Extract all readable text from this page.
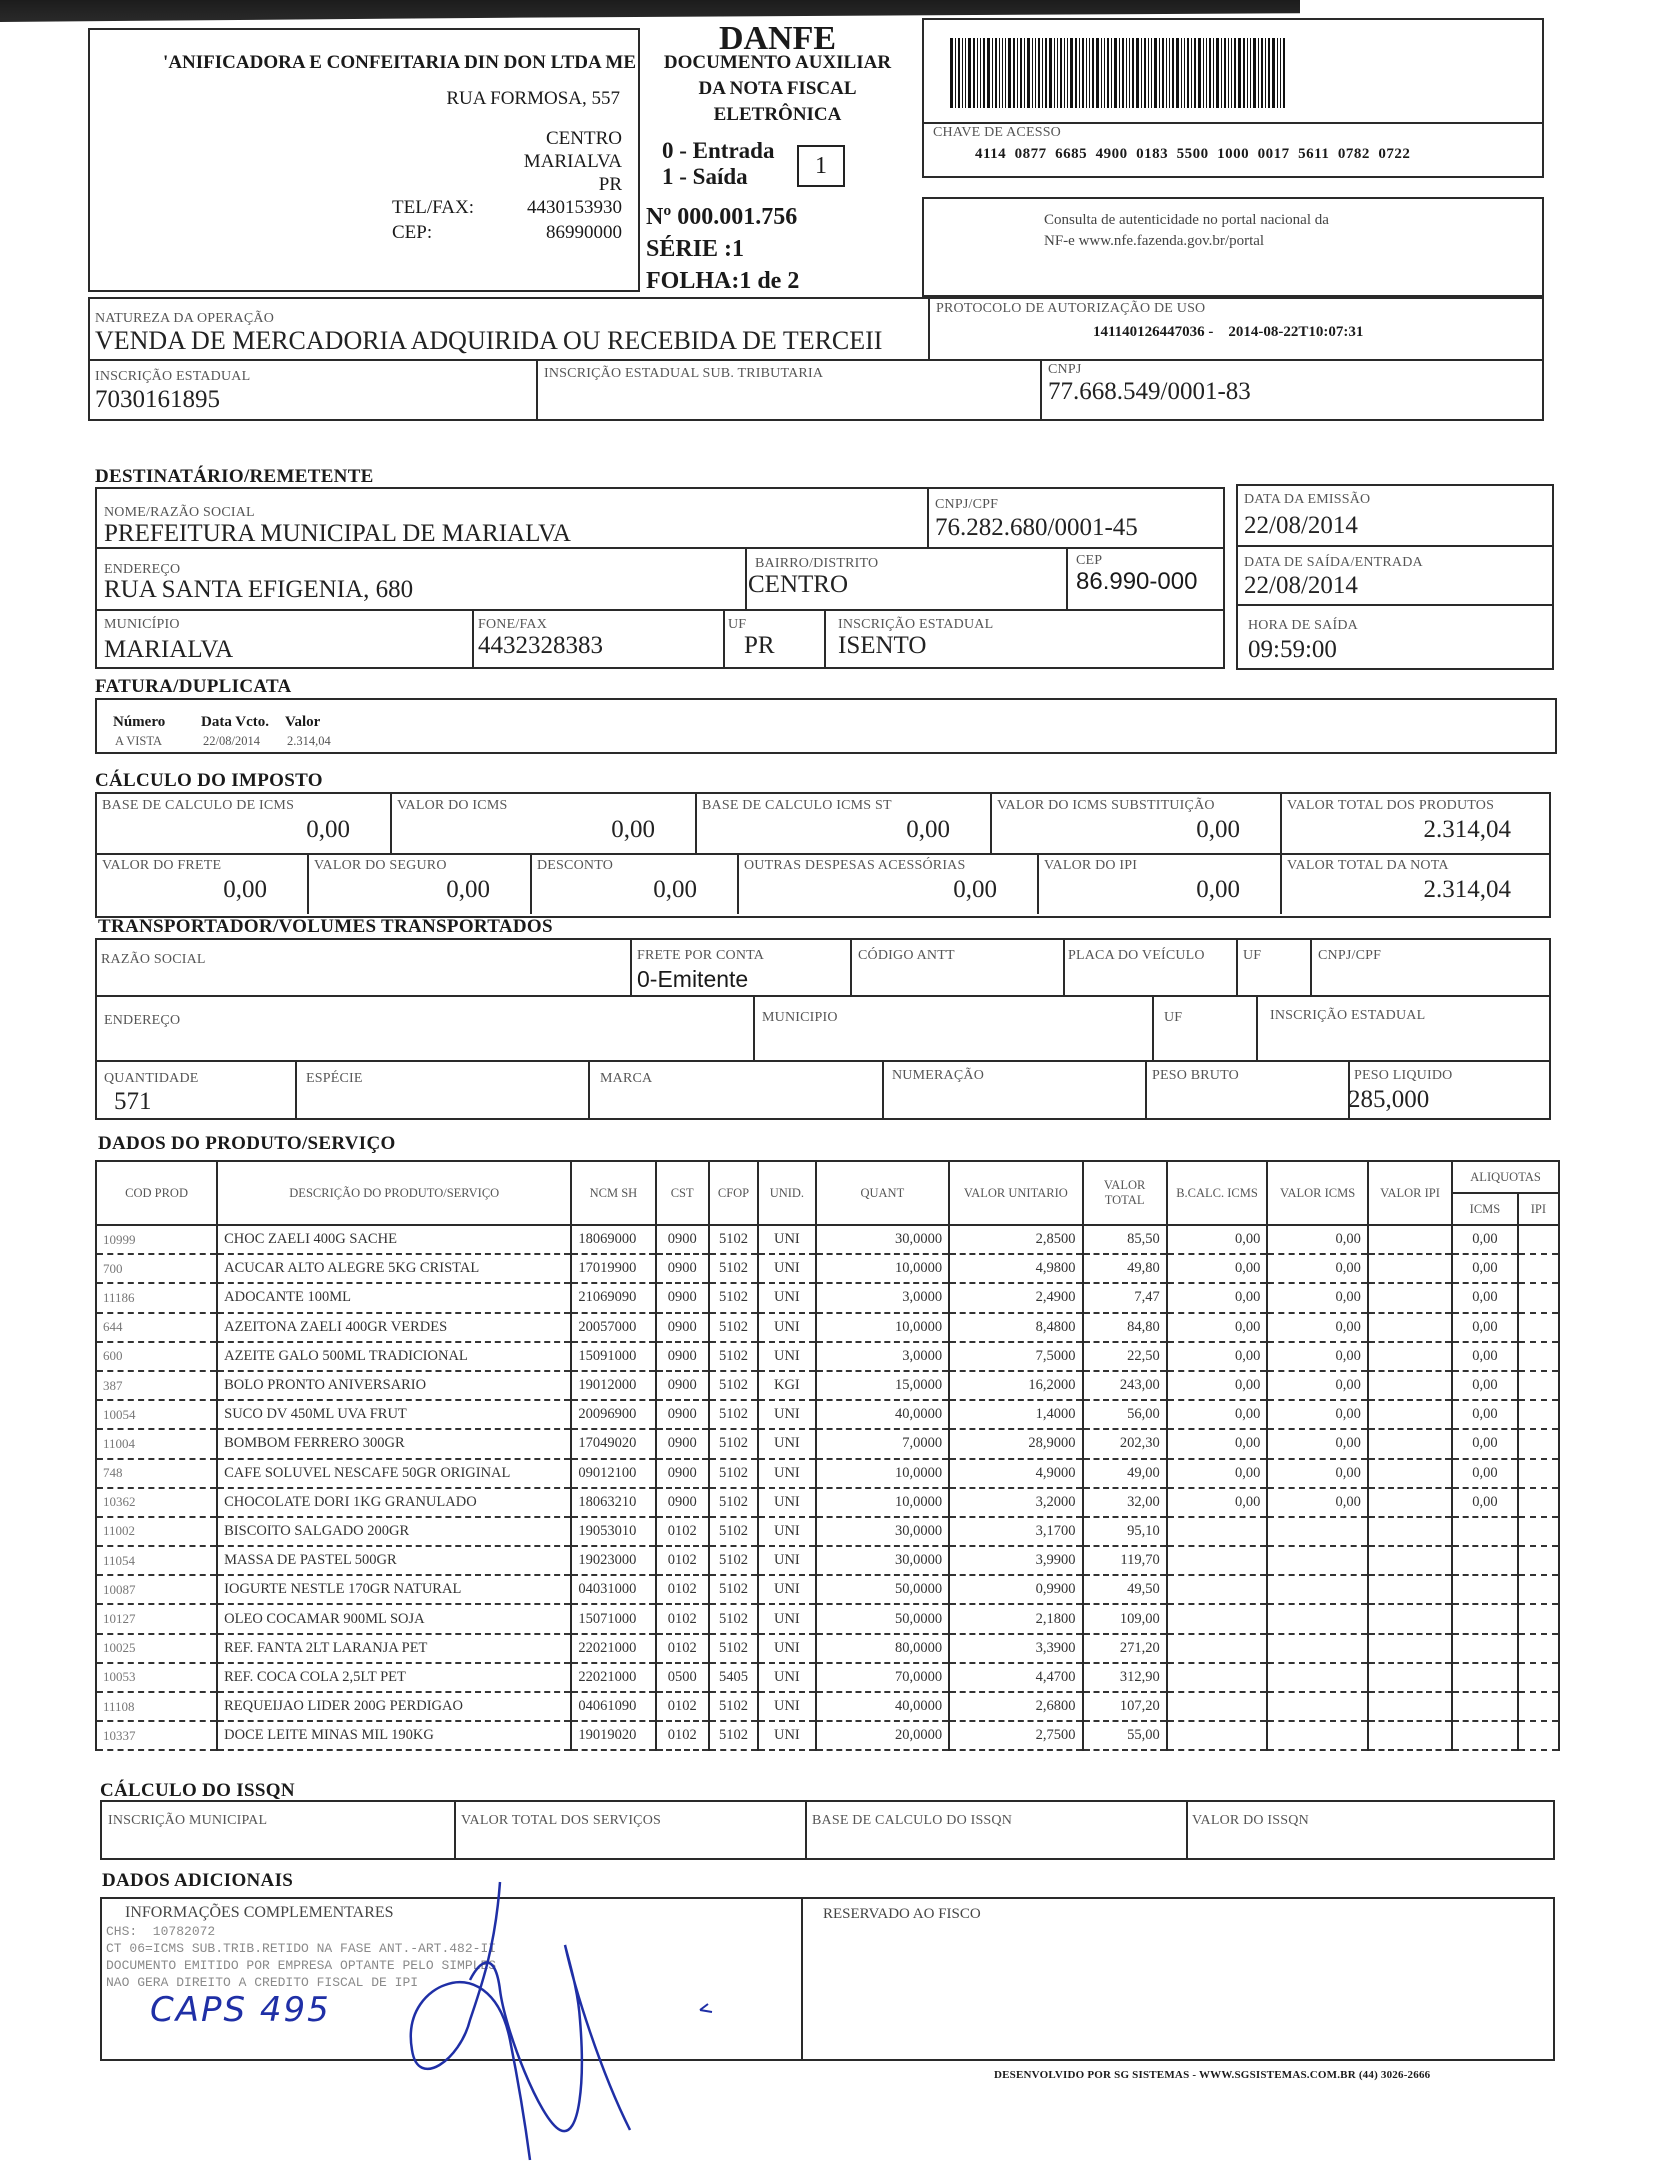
'ANIFICADORA E CONFEITARIA DIN DON LTDA ME
RUA FORMOSA, 557
CENTRO
MARIALVA
PR
TEL/FAX:	4430153930
CEP:	86990000
DANFE
DOCUMENTO AUXILIAR
DA NOTA FISCAL
ELETRÔNICA
0 - Entrada
1 - Saída	1
Nº 000.001.756
SÉRIE :1
FOLHA:1 de 2
CHAVE DE ACESSO
4114  0877  6685  4900  0183  5500  1000  0017  5611  0782  0722
Consulta de autenticidade no portal nacional da
NF-e www.nfe.fazenda.gov.br/portal
NATUREZA DA OPERAÇÃO
VENDA DE MERCADORIA ADQUIRIDA OU RECEBIDA DE TERCEII
PROTOCOLO DE AUTORIZAÇÃO DE USO
141140126447036 -    2014-08-22T10:07:31
INSCRIÇÃO ESTADUAL
7030161895
INSCRIÇÃO ESTADUAL SUB. TRIBUTARIA	CNPJ
77.668.549/0001-83
DESTINATÁRIO/REMETENTE
NOME/RAZÃO SOCIAL
PREFEITURA MUNICIPAL DE MARIALVA
CNPJ/CPF
76.282.680/0001-45
DATA DA EMISSÃO
22/08/2014
ENDEREÇO
RUA SANTA EFIGENIA, 680
BAIRRO/DISTRITO
CENTRO
CEP
86.990-000
DATA DE SAÍDA/ENTRADA
22/08/2014
MUNICÍPIO
MARIALVA
FONE/FAX
4432328383
UF
PR
INSCRIÇÃO ESTADUAL
ISENTO
HORA DE SAÍDA
09:59:00
FATURA/DUPLICATA
Número Data Vcto. Valor
A VISTA	22/08/2014 2.314,04
CÁLCULO DO IMPOSTO
BASE DE CALCULO DE ICMS
0,00
VALOR DO ICMS
0,00
BASE DE CALCULO ICMS ST
0,00
VALOR DO ICMS SUBSTITUIÇÃO
0,00
VALOR TOTAL DOS PRODUTOS
2.314,04
VALOR DO FRETE
0,00
VALOR DO SEGURO
0,00
DESCONTO
0,00
OUTRAS DESPESAS ACESSÓRIAS
0,00
VALOR DO IPI
0,00
VALOR TOTAL DA NOTA
2.314,04
TRANSPORTADOR/VOLUMES TRANSPORTADOS
RAZÃO SOCIAL	FRETE POR CONTA
0-Emitente
CÓDIGO ANTT	PLACA DO VEÍCULO	UF	CNPJ/CPF
ENDEREÇO	MUNICIPIO	UF	INSCRIÇÃO ESTADUAL
QUANTIDADE
571
ESPÉCIE	MARCA	NUMERAÇÃO	PESO BRUTO	PESO LIQUIDO
285,000
DADOS DO PRODUTO/SERVIÇO
COD PROD	DESCRIÇÃO DO PRODUTO/SERVIÇO	NCM SH	CST	CFOP	UNID.	QUANT	VALOR UNITARIO	VALOR TOTAL	B.CALC. ICMS	VALOR ICMS	VALOR IPI	ALIQUOTAS	
												ICMS	IPI
10999	CHOC ZAELI 400G SACHE	18069000	0900	5102	UNI	30,0000	2,8500	85,50	0,00	0,00		0,00	
700	ACUCAR ALTO ALEGRE 5KG CRISTAL	17019900	0900	5102	UNI	10,0000	4,9800	49,80	0,00	0,00		0,00	
11186	ADOCANTE 100ML	21069090	0900	5102	UNI	3,0000	2,4900	7,47	0,00	0,00		0,00	
644	AZEITONA ZAELI 400GR VERDES	20057000	0900	5102	UNI	10,0000	8,4800	84,80	0,00	0,00		0,00	
600	AZEITE GALO 500ML TRADICIONAL	15091000	0900	5102	UNI	3,0000	7,5000	22,50	0,00	0,00		0,00	
387	BOLO PRONTO ANIVERSARIO	19012000	0900	5102	KGI	15,0000	16,2000	243,00	0,00	0,00		0,00	
10054	SUCO DV 450ML UVA FRUT	20096900	0900	5102	UNI	40,0000	1,4000	56,00	0,00	0,00		0,00	
11004	BOMBOM FERRERO 300GR	17049020	0900	5102	UNI	7,0000	28,9000	202,30	0,00	0,00		0,00	
748	CAFE SOLUVEL NESCAFE 50GR ORIGINAL	09012100	0900	5102	UNI	10,0000	4,9000	49,00	0,00	0,00		0,00	
10362	CHOCOLATE DORI 1KG GRANULADO	18063210	0900	5102	UNI	10,0000	3,2000	32,00	0,00	0,00		0,00	
11002	BISCOITO SALGADO 200GR	19053010	0102	5102	UNI	30,0000	3,1700	95,10					
11054	MASSA DE PASTEL 500GR	19023000	0102	5102	UNI	30,0000	3,9900	119,70					
10087	IOGURTE NESTLE 170GR NATURAL	04031000	0102	5102	UNI	50,0000	0,9900	49,50					
10127	OLEO COCAMAR 900ML SOJA	15071000	0102	5102	UNI	50,0000	2,1800	109,00					
10025	REF. FANTA 2LT LARANJA PET	22021000	0102	5102	UNI	80,0000	3,3900	271,20					
10053	REF. COCA COLA 2,5LT PET	22021000	0500	5405	UNI	70,0000	4,4700	312,90					
11108	REQUEIJAO LIDER 200G PERDIGAO	04061090	0102	5102	UNI	40,0000	2,6800	107,20					
10337	DOCE LEITE MINAS MIL 190KG	19019020	0102	5102	UNI	20,0000	2,7500	55,00					
CÁLCULO DO ISSQN
INSCRIÇÃO MUNICIPAL	VALOR TOTAL DOS SERVIÇOS	BASE DE CALCULO DO ISSQN	VALOR DO ISSQN
DADOS ADICIONAIS
INFORMAÇÕES COMPLEMENTARES
CHS:  10782072
CT 06=ICMS SUB.TRIB.RETIDO NA FASE ANT.-ART.482-II
DOCUMENTO EMITIDO POR EMPRESA OPTANTE PELO SIMPLES
NAO GERA DIREITO A CREDITO FISCAL DE IPI
CAPS 495
RESERVADO AO FISCO
DESENVOLVIDO POR SG SISTEMAS - WWW.SGSISTEMAS.COM.BR (44) 3026-2666
